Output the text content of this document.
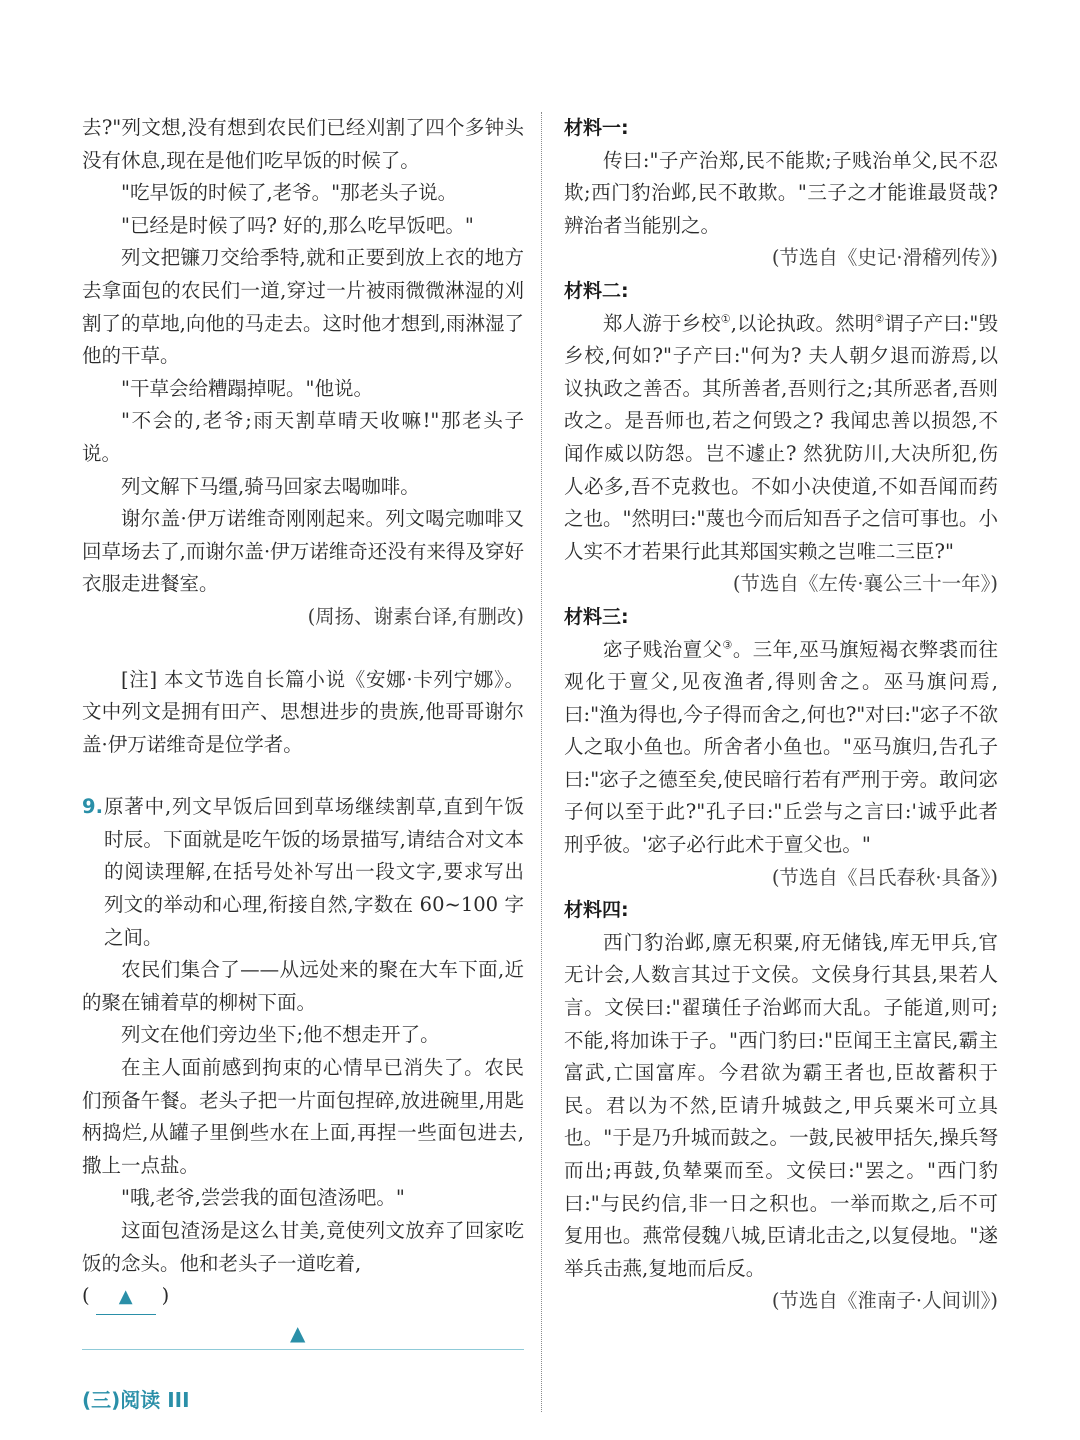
去?"列文想,没有想到农民们已经刈割了四个多钟头没有休息,现在是他们吃早饭的时候了。

"吃早饭的时候了,老爷。"那老头子说。

"已经是时候了吗? 好的,那么吃早饭吧。"

列文把镰刀交给季特,就和正要到放上衣的地方去拿面包的农民们一道,穿过一片被雨微微淋湿的刈割了的草地,向他的马走去。这时他才想到,雨淋湿了他的干草。

"干草会给糟蹋掉呢。"他说。

"不会的,老爷;雨天割草晴天收嘛!"那老头子说。

列文解下马缰,骑马回家去喝咖啡。

谢尔盖·伊万诺维奇刚刚起来。列文喝完咖啡又回草场去了,而谢尔盖·伊万诺维奇还没有来得及穿好衣服走进餐室。

(周扬、谢素台译,有删改)

[注] 本文节选自长篇小说《安娜·卡列宁娜》。文中列文是拥有田产、思想进步的贵族,他哥哥谢尔盖·伊万诺维奇是位学者。

9. 原著中,列文早饭后回到草场继续割草,直到午饭时辰。下面就是吃午饭的场景描写,请结合对文本的阅读理解,在括号处补写出一段文字,要求写出列文的举动和心理,衔接自然,字数在 60~100 字之间。

农民们集合了——从远处来的聚在大车下面,近的聚在铺着草的柳树下面。

列文在他们旁边坐下;他不想走开了。

在主人面前感到拘束的心情早已消失了。农民们预备午餐。老头子把一片面包捏碎,放进碗里,用匙柄捣烂,从罐子里倒些水在上面,再捏一些面包进去,撒上一点盐。

"哦,老爷,尝尝我的面包渣汤吧。"

这面包渣汤是这么甘美,竟使列文放弃了回家吃饭的念头。他和老头子一道吃着,

( ▲ )

▲
(三)阅读 III
材料一:

传曰:"子产治郑,民不能欺;子贱治单父,民不忍欺;西门豹治邺,民不敢欺。"三子之才能谁最贤哉? 辨治者当能别之。

(节选自《史记·滑稽列传》)

材料二:

郑人游于乡校①,以论执政。然明②谓子产曰:"毁乡校,何如?"子产曰:"何为? 夫人朝夕退而游焉,以议执政之善否。其所善者,吾则行之;其所恶者,吾则改之。是吾师也,若之何毁之? 我闻忠善以损怨,不闻作威以防怨。岂不遽止? 然犹防川,大决所犯,伤人必多,吾不克救也。不如小决使道,不如吾闻而药之也。"然明曰:"蔑也今而后知吾子之信可事也。小人实不才若果行此其郑国实赖之岂唯二三臣?"

(节选自《左传·襄公三十一年》)

材料三:

宓子贱治亶父③。三年,巫马旗短褐衣弊裘而往观化于亶父,见夜渔者,得则舍之。巫马旗问焉,曰:"渔为得也,今子得而舍之,何也?"对曰:"宓子不欲人之取小鱼也。所舍者小鱼也。"巫马旗归,告孔子曰:"宓子之德至矣,使民暗行若有严刑于旁。敢问宓子何以至于此?"孔子曰:"丘尝与之言曰:'诚乎此者刑乎彼。'宓子必行此术于亶父也。"

(节选自《吕氏春秋·具备》)

材料四:

西门豹治邺,廪无积粟,府无储钱,库无甲兵,官无计会,人数言其过于文侯。文侯身行其县,果若人言。文侯曰:"翟璜任子治邺而大乱。子能道,则可;不能,将加诛于子。"西门豹曰:"臣闻王主富民,霸主富武,亡国富库。今君欲为霸王者也,臣故蓄积于民。君以为不然,臣请升城鼓之,甲兵粟米可立具也。"于是乃升城而鼓之。一鼓,民被甲括矢,操兵弩而出;再鼓,负辇粟而至。文侯曰:"罢之。"西门豹曰:"与民约信,非一日之积也。一举而欺之,后不可复用也。燕常侵魏八城,臣请北击之,以复侵地。"遂举兵击燕,复地而后反。

(节选自《淮南子·人间训》)
